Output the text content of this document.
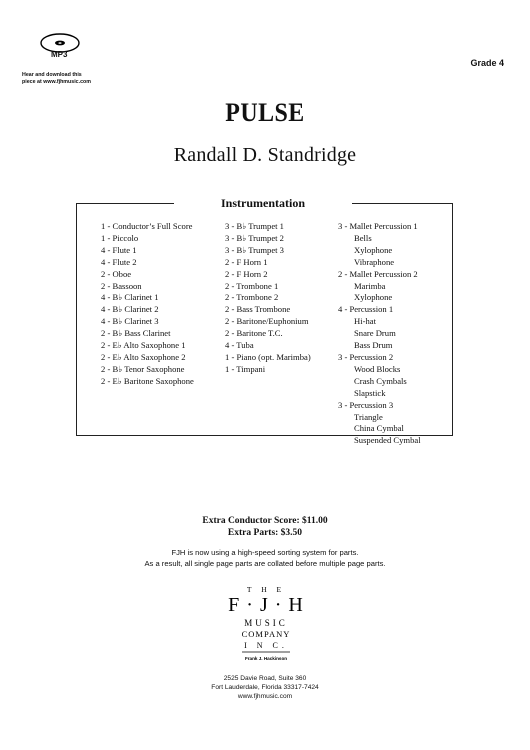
MP3
Hear and download this
piece at www.fjhmusic.com
Grade 4
PULSE
Randall D. Standridge
Instrumentation
1 - Conductor’s Full Score
1 - Piccolo
4 - Flute 1
4 - Flute 2
2 - Oboe
2 - Bassoon
4 - B♭ Clarinet 1
4 - B♭ Clarinet 2
4 - B♭ Clarinet 3
2 - B♭ Bass Clarinet
2 - E♭ Alto Saxophone 1
2 - E♭ Alto Saxophone 2
2 - B♭ Tenor Saxophone
2 - E♭ Baritone Saxophone
3 - B♭ Trumpet 1
3 - B♭ Trumpet 2
3 - B♭ Trumpet 3
2 - F Horn 1
2 - F Horn 2
2 - Trombone 1
2 - Trombone 2
2 - Bass Trombone
2 - Baritone/Euphonium
2 - Baritone T.C.
4 - Tuba
1 - Piano (opt. Marimba)
1 - Timpani
3 - Mallet Percussion 1
Bells
Xylophone
Vibraphone
2 - Mallet Percussion 2
Marimba
Xylophone
4 - Percussion 1
Hi-hat
Snare Drum
Bass Drum
3 - Percussion 2
Wood Blocks
Crash Cymbals
Slapstick
3 - Percussion 3
Triangle
China Cymbal
Suspended Cymbal
Extra Conductor Score: $11.00
Extra Parts: $3.50
FJH is now using a high-speed sorting system for parts.
As a result, all single page parts are collated before multiple page parts.
T H E
F · J · H
MUSIC
COMPANY
I N C.
Frank J. Hackinson
2525 Davie Road, Suite 360
Fort Lauderdale, Florida 33317-7424
www.fjhmusic.com
